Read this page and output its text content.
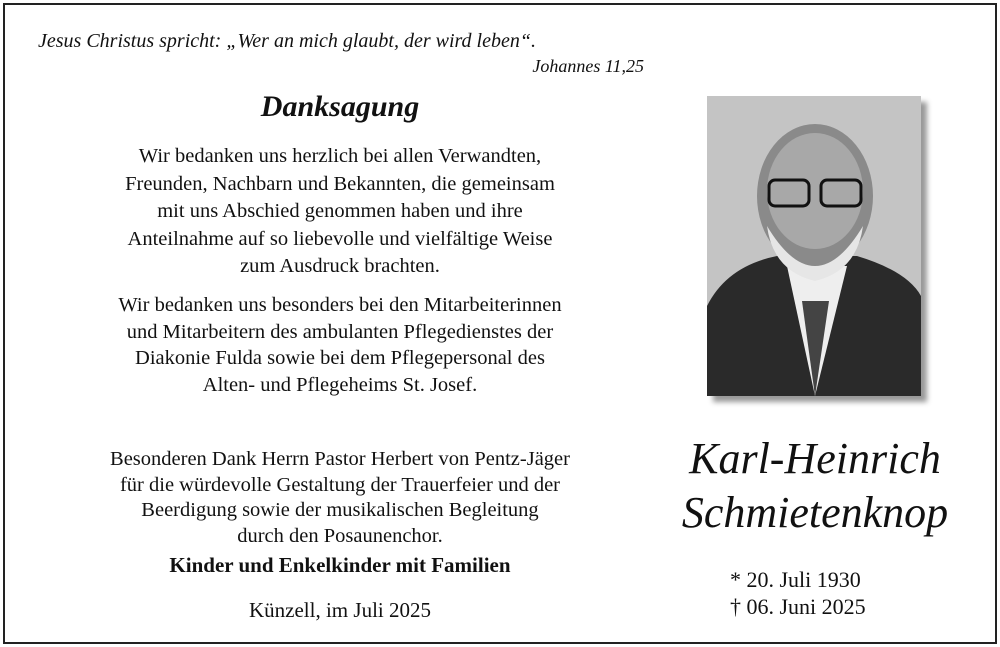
Jesus Christus spricht: „Wer an mich glaubt, der wird leben“.
Johannes 11,25
Danksagung
Wir bedanken uns herzlich bei allen Verwandten,
Freunden, Nachbarn und Bekannten, die gemeinsam
mit uns Abschied genommen haben und ihre
Anteilnahme auf so liebevolle und vielfältige Weise
zum Ausdruck brachten.
Wir bedanken uns besonders bei den Mitarbeiterinnen
und Mitarbeitern des ambulanten Pflegedienstes der
Diakonie Fulda sowie bei dem Pflegepersonal des
Alten- und Pflegeheims St. Josef.
Besonderen Dank Herrn Pastor Herbert von Pentz-Jäger
für die würdevolle Gestaltung der Trauerfeier und der
Beerdigung sowie der musikalischen Begleitung
durch den Posaunenchor.
Kinder und Enkelkinder mit Familien
Künzell, im Juli 2025
Karl-Heinrich
Schmietenknop
* 20. Juli 1930
† 06. Juni 2025
